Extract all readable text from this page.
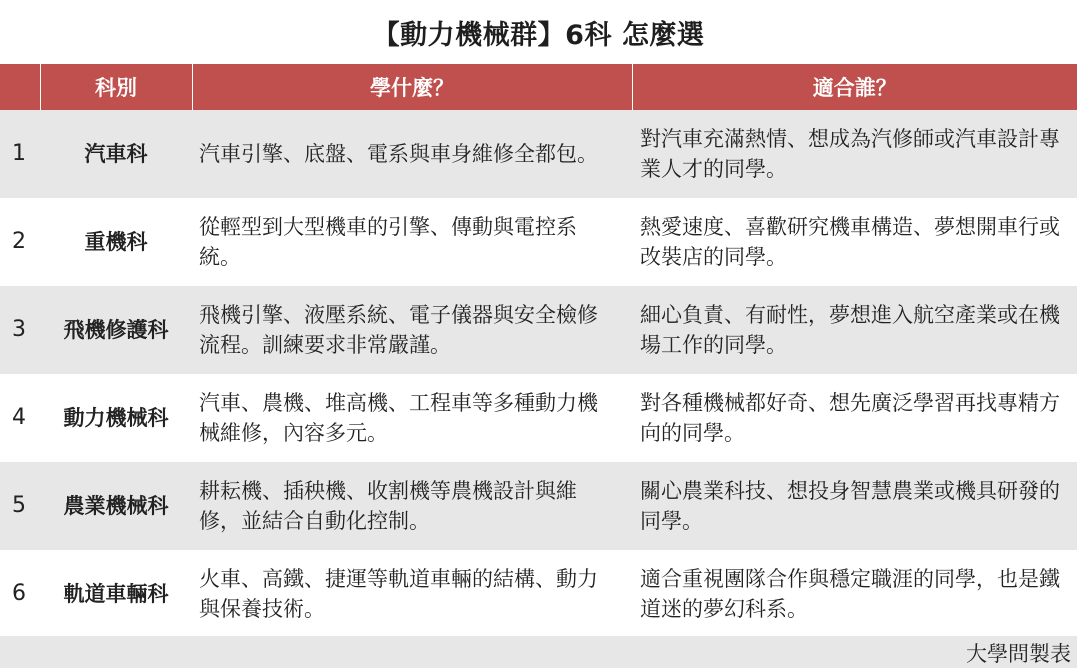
【動力機械群】6科 怎麼選
	科別	學什麼？	適合誰？
1	汽車科	汽車引擎、底盤、電系與車身維修全都包。	對汽車充滿熱情、想成為汽修師或汽車設計專業人才的同學。
2	重機科	從輕型到大型機車的引擎、傳動與電控系統。	熱愛速度、喜歡研究機車構造、夢想開車行或改裝店的同學。
3	飛機修護科	飛機引擎、液壓系統、電子儀器與安全檢修流程。訓練要求非常嚴謹。	細心負責、有耐性，夢想進入航空產業或在機場工作的同學。
4	動力機械科	汽車、農機、堆高機、工程車等多種動力機械維修，內容多元。	對各種機械都好奇、想先廣泛學習再找專精方向的同學。
5	農業機械科	耕耘機、插秧機、收割機等農機設計與維修，並結合自動化控制。	關心農業科技、想投身智慧農業或機具研發的同學。
6	軌道車輛科	火車、高鐵、捷運等軌道車輛的結構、動力與保養技術。	適合重視團隊合作與穩定職涯的同學，也是鐵道迷的夢幻科系。
大學問製表
